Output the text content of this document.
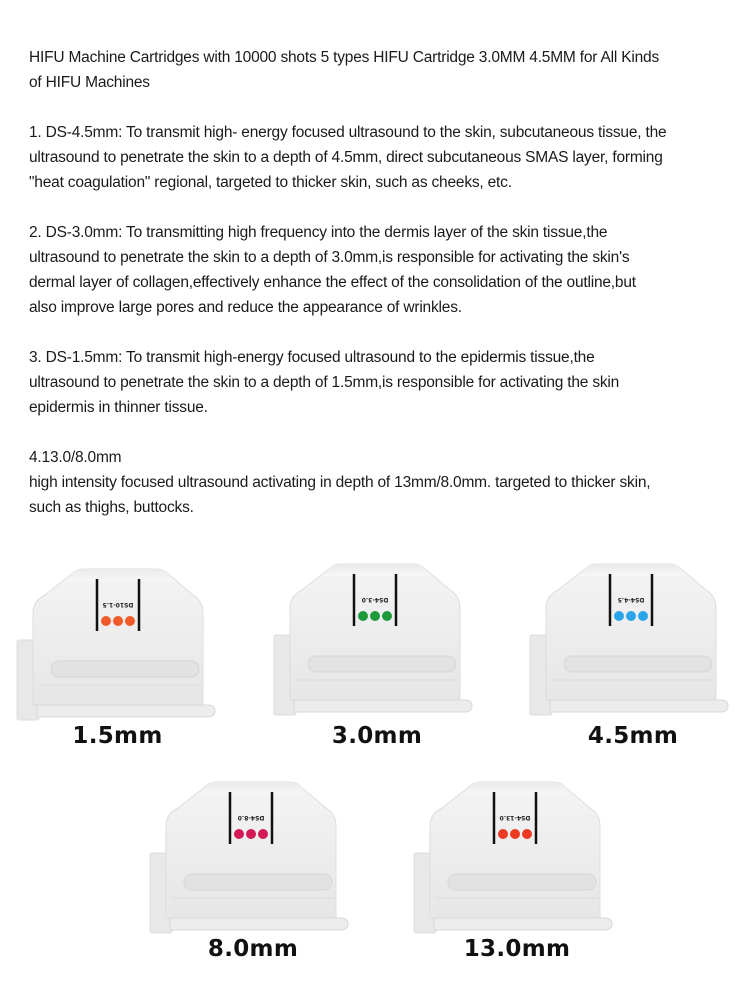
HIFU Machine Cartridges with 10000 shots 5 types HIFU Cartridge 3.0MM 4.5MM for All Kinds
of HIFU Machines

1. DS-4.5mm: To transmit high- energy focused ultrasound to the skin, subcutaneous tissue, the
ultrasound to penetrate the skin to a depth of 4.5mm, direct subcutaneous SMAS layer, forming
"heat coagulation" regional, targeted to thicker skin, such as cheeks, etc.

2. DS-3.0mm: To transmitting high frequency into the dermis layer of the skin tissue,the
ultrasound to penetrate the skin to a depth of 3.0mm,is responsible for activating the skin's
dermal layer of collagen,effectively enhance the effect of the consolidation of the outline,but
also improve large pores and reduce the appearance of wrinkles.

3. DS-1.5mm: To transmit high-energy focused ultrasound to the epidermis tissue,the
ultrasound to penetrate the skin to a depth of 1.5mm,is responsible for activating the skin
epidermis in thinner tissue.

4.13.0/8.0mm
high intensity focused ultrasound activating in depth of 13mm/8.0mm. targeted to thicker skin,
such as thighs, buttocks.

DS10-1.5
1.5mm
DS4-3.0
3.0mm
DS4-4.5
4.5mm
DS4-8.0
8.0mm
DS4-13.0
13.0mm
